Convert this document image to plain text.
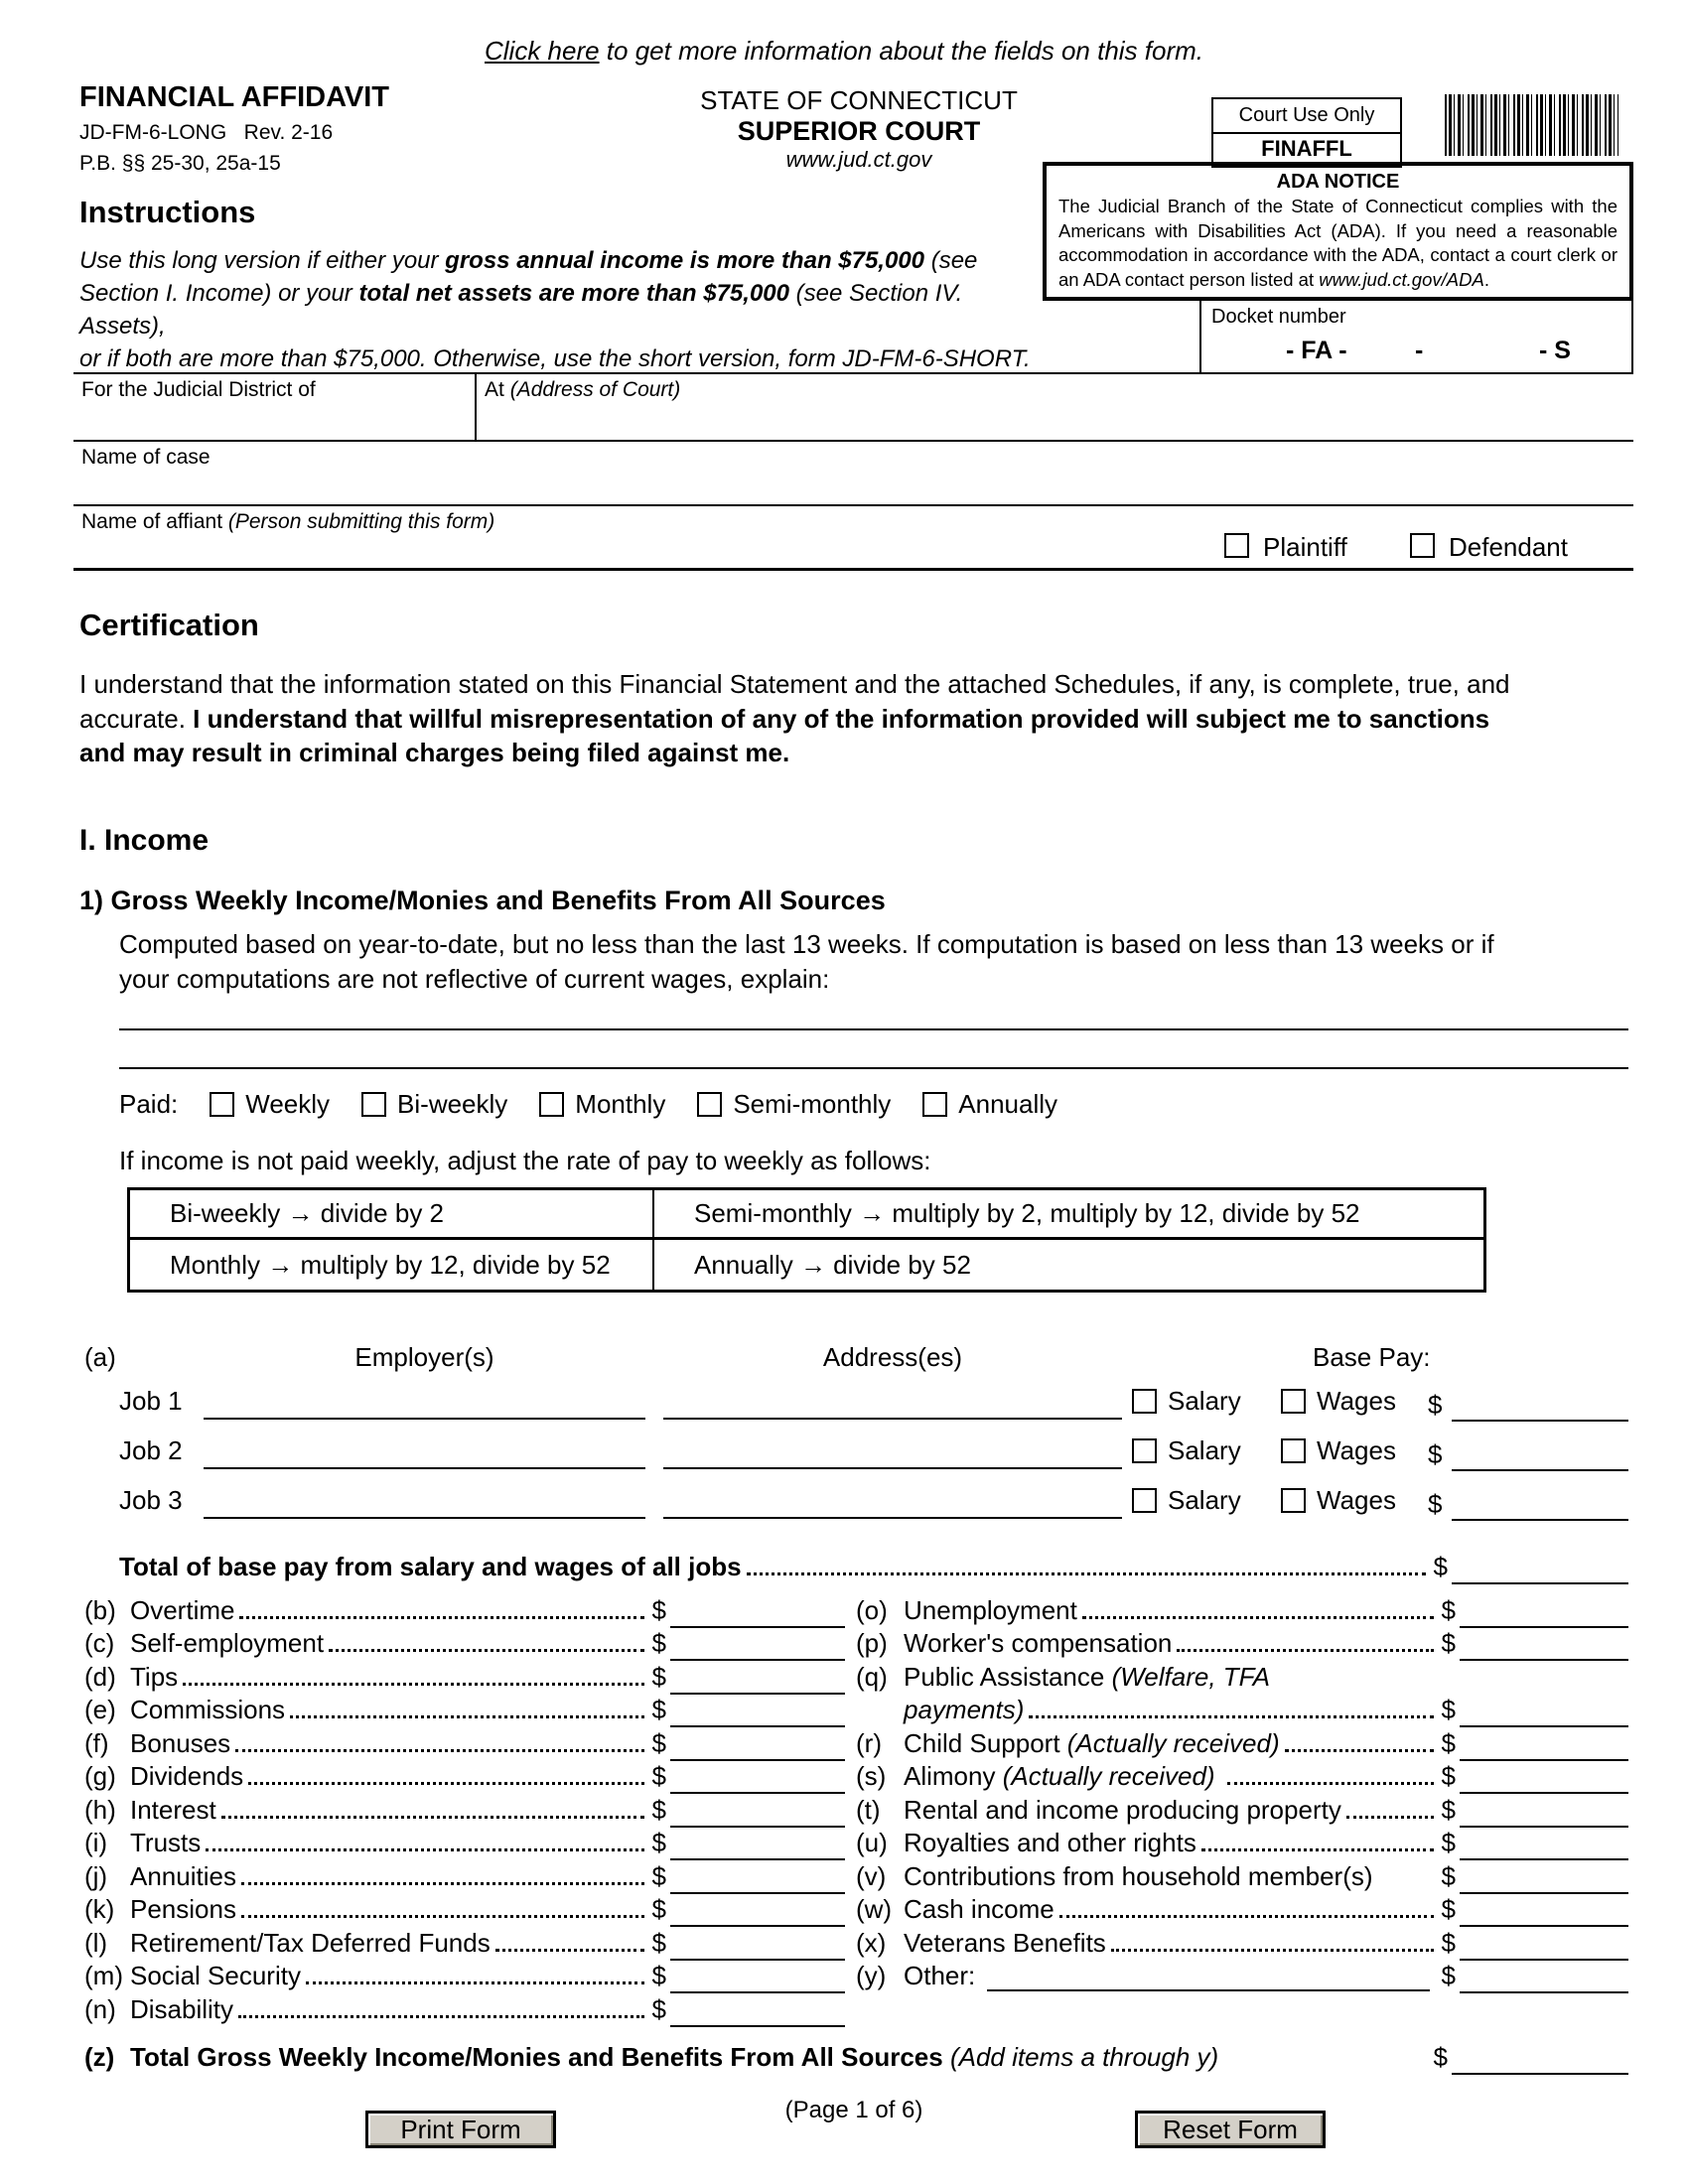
Click here to get more information about the fields on this form.
FINANCIAL AFFIDAVIT
JD-FM-6-LONG   Rev. 2-16
P.B. §§ 25-30, 25a-15
STATE OF CONNECTICUT
SUPERIOR COURT
www.jud.ct.gov
Court Use Only
FINAFFL
ADA NOTICE
The Judicial Branch of the State of Connecticut complies with the Americans with Disabilities Act (ADA). If you need a reasonable accommodation in accordance with the ADA, contact a court clerk or an ADA contact person listed at www.jud.ct.gov/ADA.
Docket number
- FA -	-	- S
Instructions
Use this long version if either your gross annual income is more than $75,000 (see
Section I. Income) or your total net assets are more than $75,000 (see Section IV. Assets),
or if both are more than $75,000. Otherwise, use the short version, form JD-FM-6-SHORT.
For the Judicial District of	At (Address of Court)
Name of case
Name of affiant (Person submitting this form)
Plaintiff	Defendant
Certification
I understand that the information stated on this Financial Statement and the attached Schedules, if any, is complete, true, and
accurate. I understand that willful misrepresentation of any of the information provided will subject me to sanctions
and may result in criminal charges being filed against me.
I. Income
1) Gross Weekly Income/Monies and Benefits From All Sources
Computed based on year-to-date, but no less than the last 13 weeks. If computation is based on less than 13 weeks or if
your computations are not reflective of current wages, explain:
Paid:	Weekly	Bi-weekly	Monthly	Semi-monthly	Annually
If income is not paid weekly, adjust the rate of pay to weekly as follows:
Bi-weekly → divide by 2	Semi-monthly → multiply by 2, multiply by 12, divide by 52
Monthly → multiply by 12, divide by 52	Annually → divide by 52
(a)	Employer(s)	Address(es)	Base Pay:
Job 1	Salary	Wages $
Job 2	Salary	Wages $
Job 3	Salary	Wages $
Total of base pay from salary and wages of all jobs	$
(b) Overtime	$
(c) Self-employment	$
(d) Tips	$
(e) Commissions	$
(f) Bonuses	$
(g) Dividends	$
(h) Interest	$
(i) Trusts	$
(j) Annuities	$
(k) Pensions	$
(l) Retirement/Tax Deferred Funds	$
(m) Social Security	$
(n) Disability	$
(o) Unemployment	$
(p) Worker's compensation	$
(q) Public Assistance (Welfare, TFA
payments)	$
(r) Child Support (Actually received)	$
(s) Alimony (Actually received)	$
(t) Rental and income producing property	$
(u) Royalties and other rights	$
(v) Contributions from household member(s)	$
(w) Cash income	$
(x) Veterans Benefits	$
(y) Other:	$
(z) Total Gross Weekly Income/Monies and Benefits From All Sources (Add items a through y)	$
(Page 1 of 6)
Print Form	Reset Form
